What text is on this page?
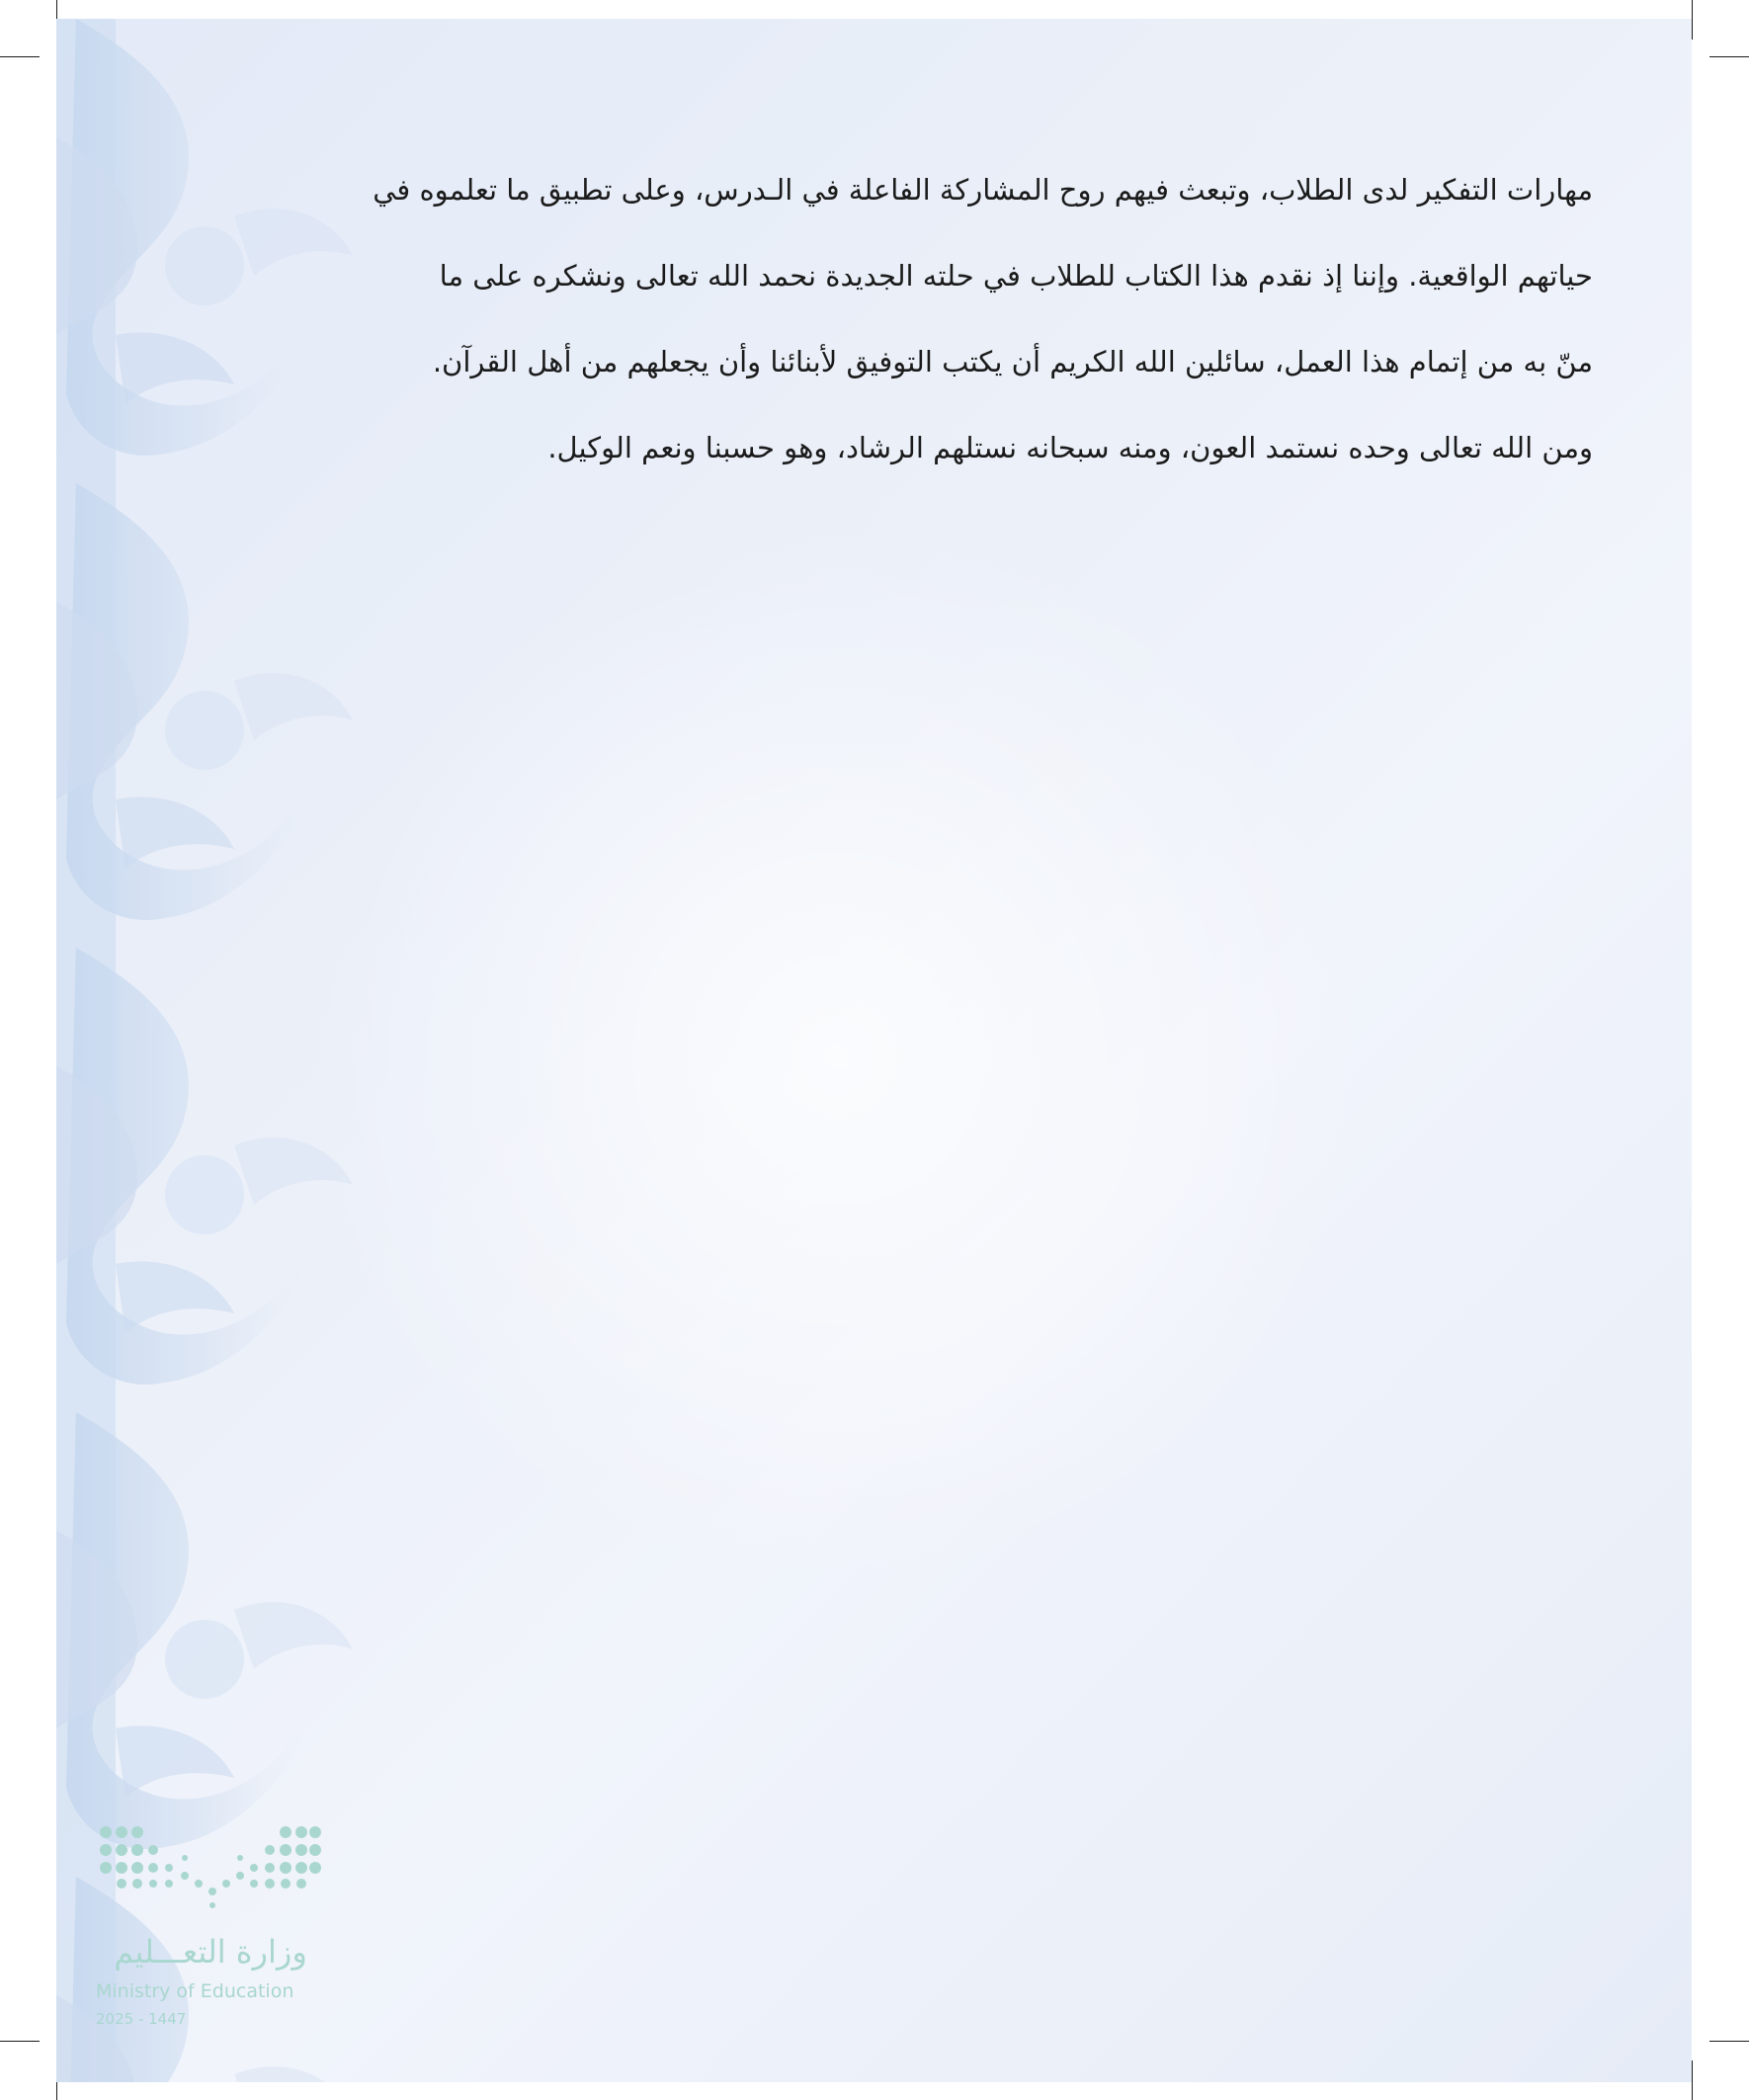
مهارات التفكير لدى الطلاب، وتبعث فيهم روح المشاركة الفاعلة في الـدرس، وعلى تطبيق ما تعلموه في

حياتهم الواقعية. وإننا إذ نقدم هذا الكتاب للطلاب في حلته الجديدة نحمد الله تعالى ونشكره على ما

منّ به من إتمام هذا العمل، سائلين الله الكريم أن يكتب التوفيق لأبنائنا وأن يجعلهم من أهل القرآن.

ومن الله تعالى وحده نستمد العون، ومنه سبحانه نستلهم الرشاد، وهو حسبنا ونعم الوكيل.

وزارة التعـــليم
Ministry of Education
2025 - 1447
